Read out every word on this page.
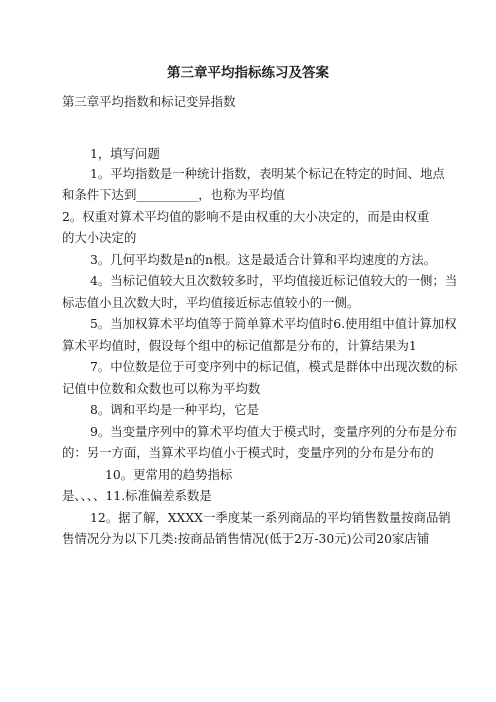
第三章平均指标练习及答案
第三章平均指数和标记变异指数
1，填写问题
1。平均指数是一种统计指数，表明某个标记在特定的时间、地点
和条件下达到__________，也称为平均值
2。权重对算术平均值的影响不是由权重的大小决定的，而是由权重
的大小决定的
3。几何平均数是n的n根。这是最适合计算和平均速度的方法。
4。当标记值较大且次数较多时，平均值接近标记值较大的一侧；当
标志值小且次数大时，平均值接近标志值较小的一侧。
5。当加权算术平均值等于简单算术平均值时6.使用组中值计算加权
算术平均值时，假设每个组中的标记值都是分布的，计算结果为1
7。中位数是位于可变序列中的标记值，模式是群体中出现次数的标
记值中位数和众数也可以称为平均数
8。调和平均是一种平均，它是
9。当变量序列中的算术平均值大于模式时，变量序列的分布是分布
的：另一方面，当算术平均值小于模式时，变量序列的分布是分布的
10。更常用的趋势指标
是、、、、11.标准偏差系数是
12。据了解，XXXX一季度某一系列商品的平均销售数量按商品销
售情况分为以下几类:按商品销售情况(低于2万-30元)公司20家店铺
